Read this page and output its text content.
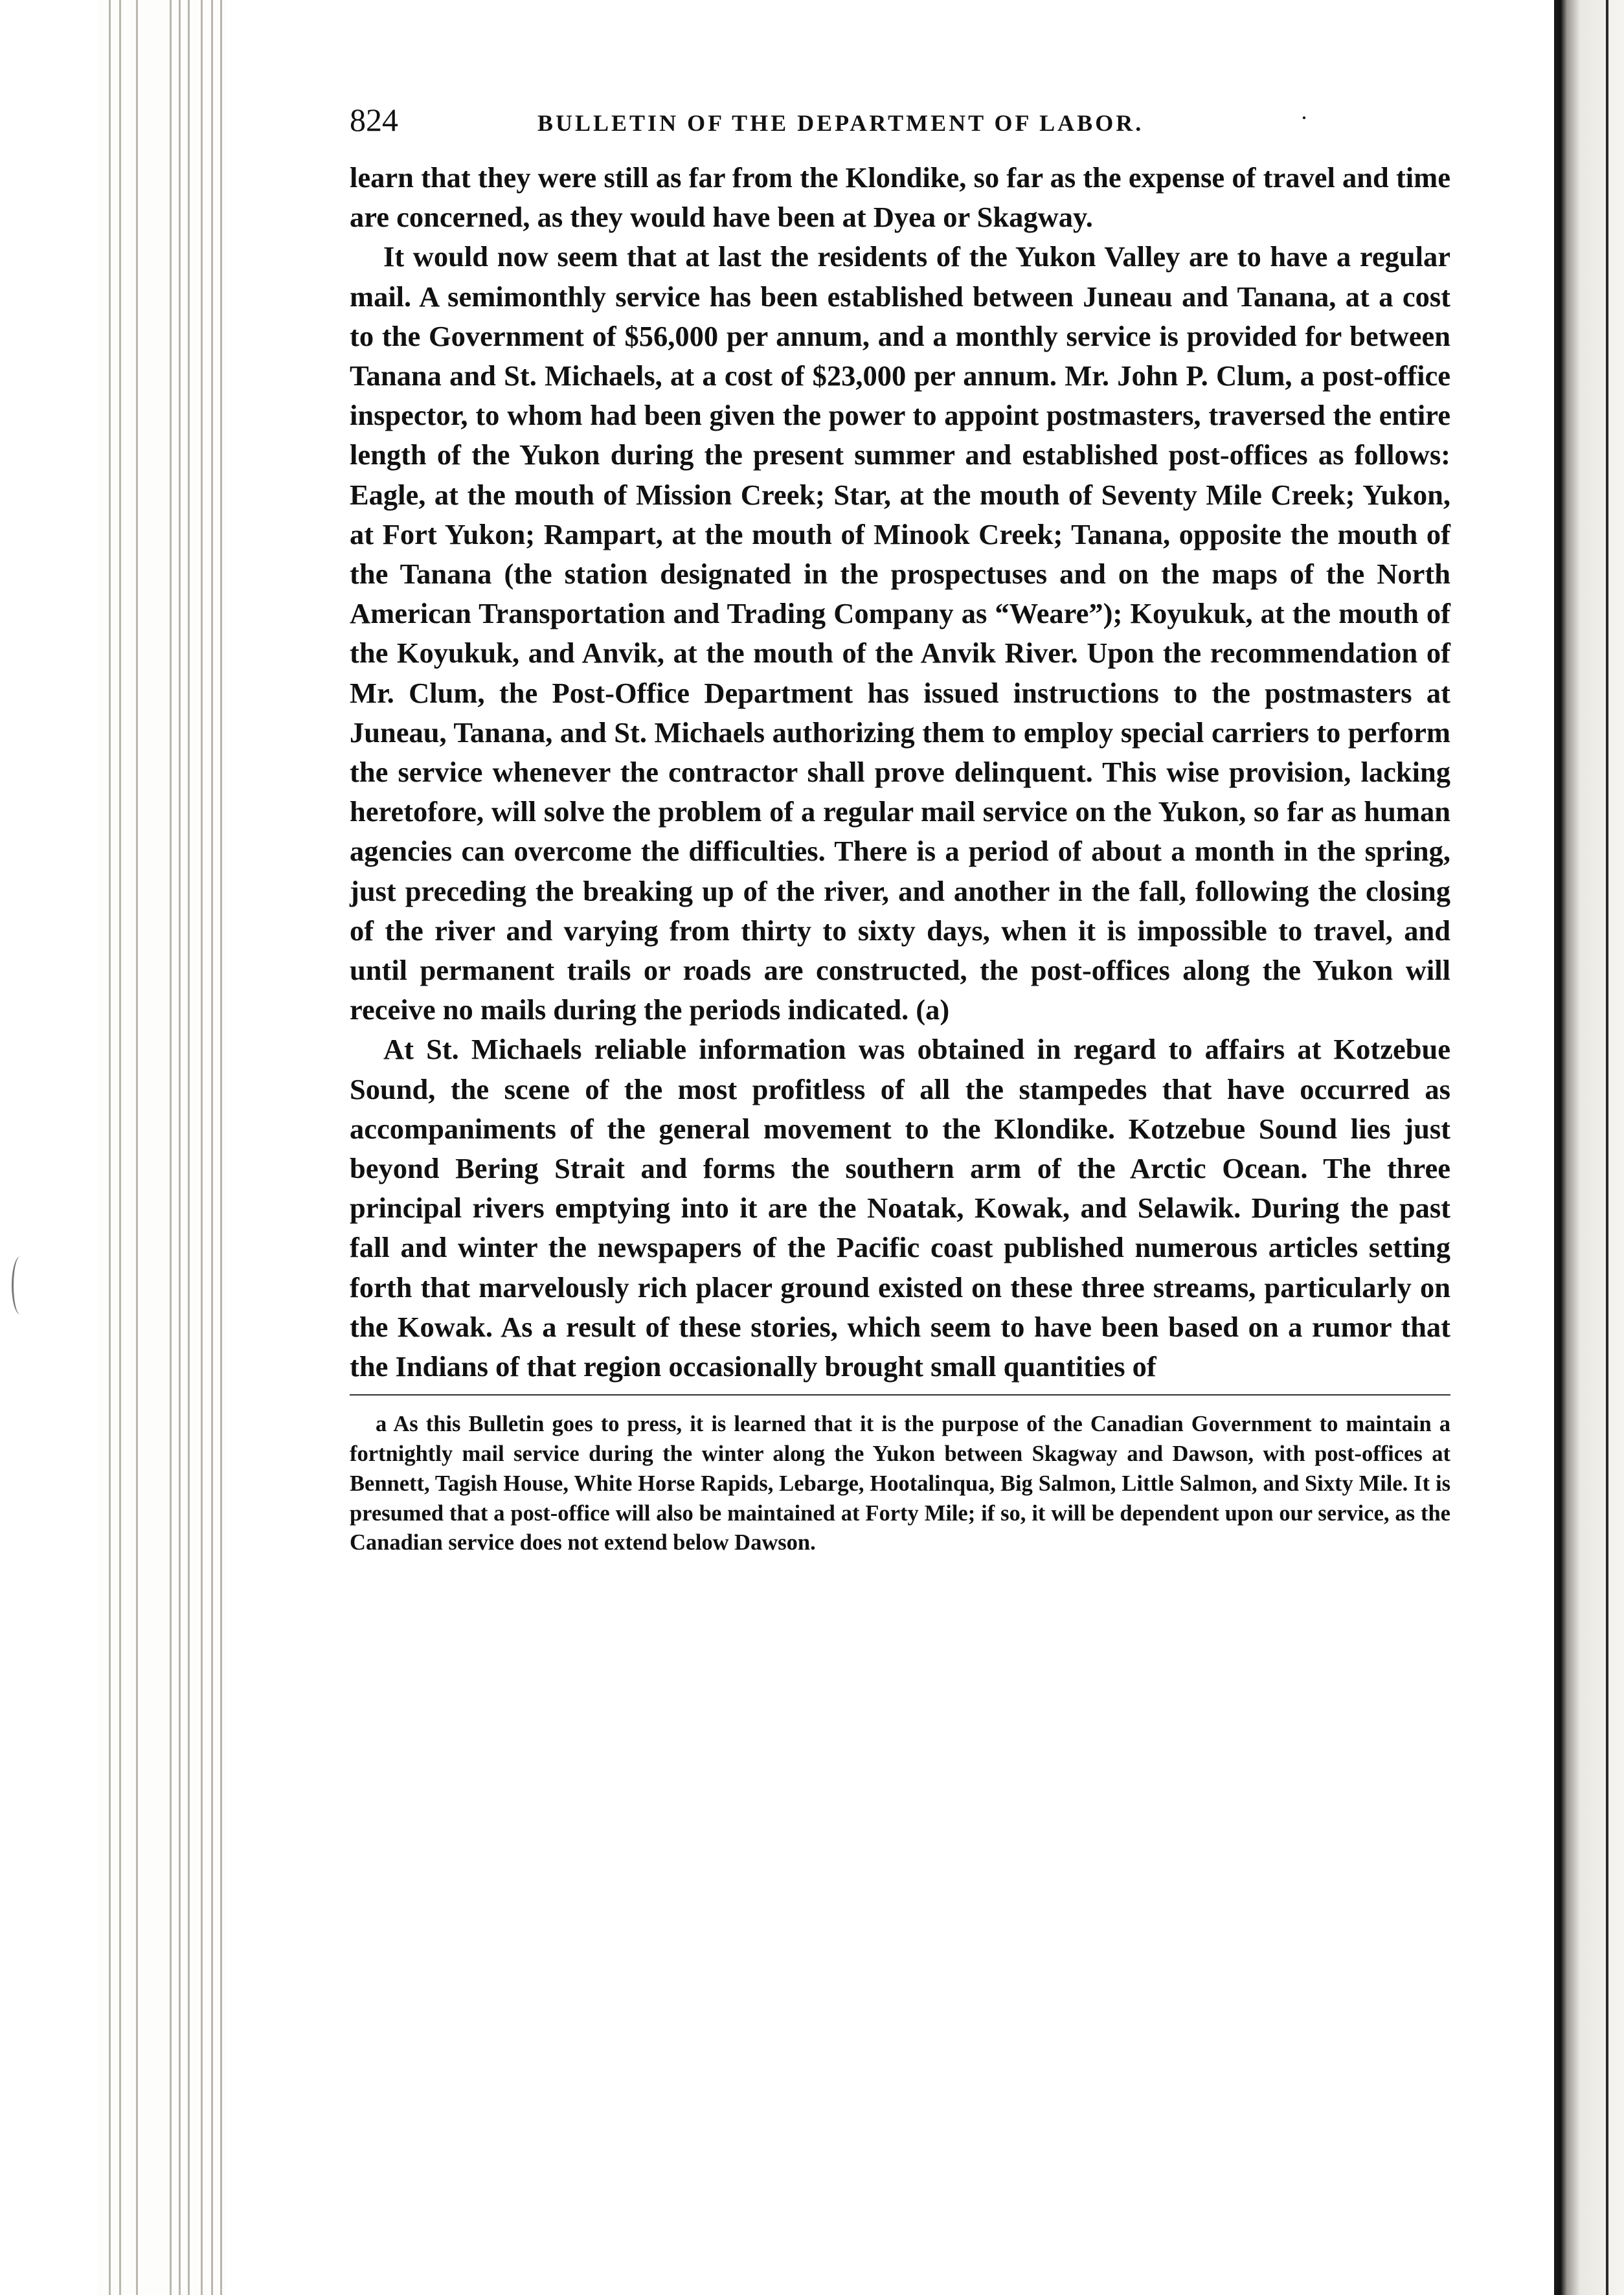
824	BULLETIN OF THE DEPARTMENT OF LABOR.	·

learn that they were still as far from the Klondike, so far as the expense of travel and time are concerned, as they would have been at Dyea or Skagway.

It would now seem that at last the residents of the Yukon Valley are to have a regular mail. A semimonthly service has been established between Juneau and Tanana, at a cost to the Government of $56,000 per annum, and a monthly service is provided for between Tanana and St. Michaels, at a cost of $23,000 per annum. Mr. John P. Clum, a post-office inspector, to whom had been given the power to appoint postmasters, traversed the entire length of the Yukon during the present summer and established post-offices as follows: Eagle, at the mouth of Mission Creek; Star, at the mouth of Seventy Mile Creek; Yukon, at Fort Yukon; Rampart, at the mouth of Minook Creek; Tanana, opposite the mouth of the Tanana (the station designated in the prospectuses and on the maps of the North American Transportation and Trading Company as “Weare”); Koyukuk, at the mouth of the Koyukuk, and Anvik, at the mouth of the Anvik River. Upon the recommendation of Mr. Clum, the Post-Office Department has issued instructions to the postmasters at Juneau, Tanana, and St. Michaels authorizing them to employ special carriers to perform the service whenever the contractor shall prove delinquent. This wise provision, lacking heretofore, will solve the problem of a regular mail service on the Yukon, so far as human agencies can overcome the difficulties. There is a period of about a month in the spring, just preceding the breaking up of the river, and another in the fall, following the closing of the river and varying from thirty to sixty days, when it is impossible to travel, and until permanent trails or roads are constructed, the post-offices along the Yukon will receive no mails during the periods indicated. (a)

At St. Michaels reliable information was obtained in regard to affairs at Kotzebue Sound, the scene of the most profitless of all the stampedes that have occurred as accompaniments of the general movement to the Klondike. Kotzebue Sound lies just beyond Bering Strait and forms the southern arm of the Arctic Ocean. The three principal rivers emptying into it are the Noatak, Kowak, and Selawik. During the past fall and winter the newspapers of the Pacific coast published numerous articles setting forth that marvelously rich placer ground existed on these three streams, particularly on the Kowak. As a result of these stories, which seem to have been based on a rumor that the Indians of that region occasionally brought small quantities of

a As this Bulletin goes to press, it is learned that it is the purpose of the Canadian Government to maintain a fortnightly mail service during the winter along the Yukon between Skagway and Dawson, with post-offices at Bennett, Tagish House, White Horse Rapids, Lebarge, Hootalinqua, Big Salmon, Little Salmon, and Sixty Mile. It is presumed that a post-office will also be maintained at Forty Mile; if so, it will be dependent upon our service, as the Canadian service does not extend below Dawson.
